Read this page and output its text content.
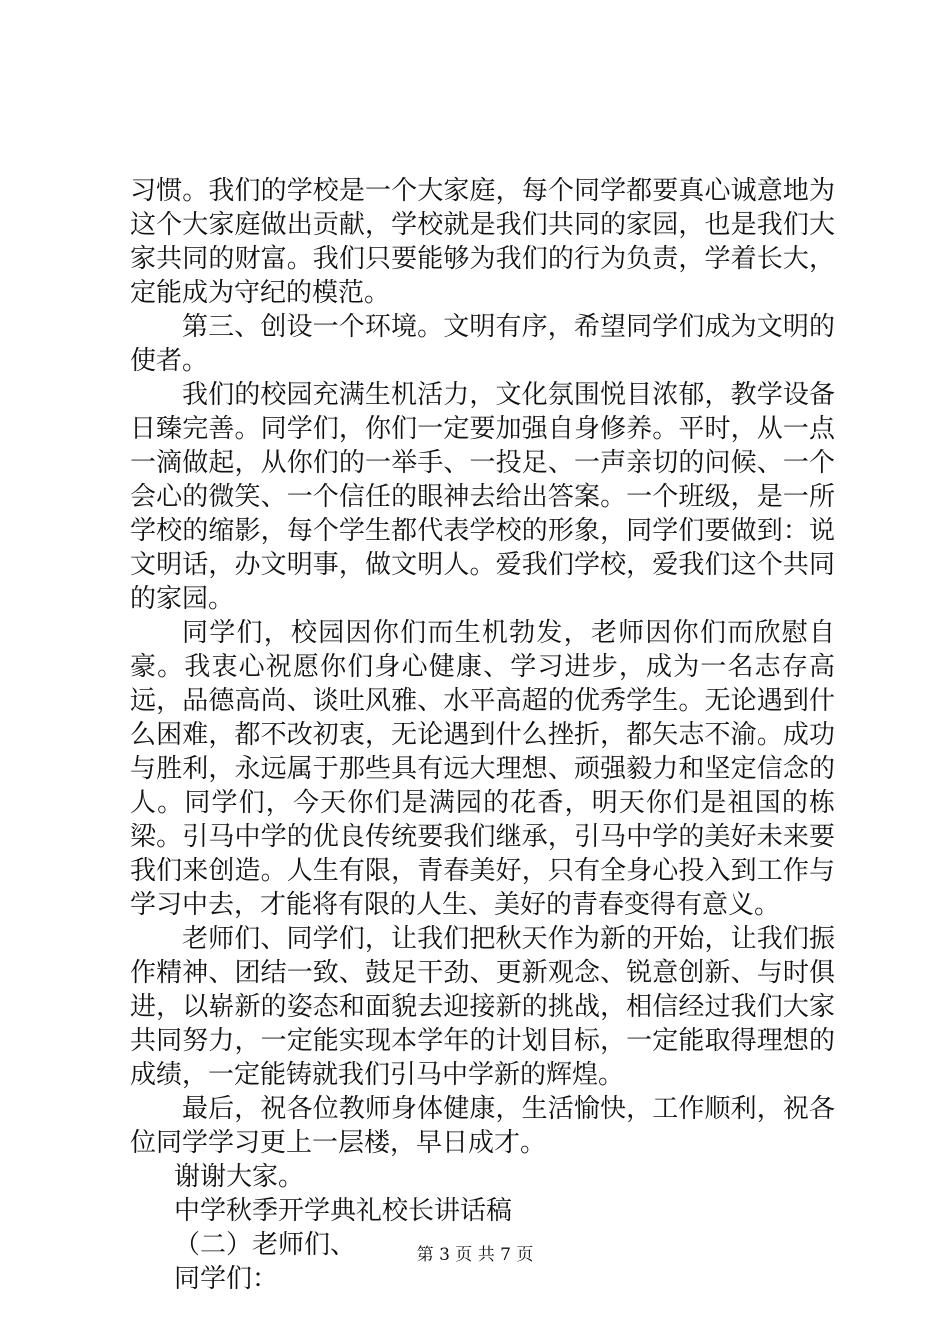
习惯。我们的学校是一个大家庭，每个同学都要真心诚意地为这个大家庭做出贡献，学校就是我们共同的家园，也是我们大家共同的财富。我们只要能够为我们的行为负责，学着长大，定能成为守纪的模范。

第三、创设一个环境。文明有序，希望同学们成为文明的使者。

我们的校园充满生机活力，文化氛围悦目浓郁，教学设备日臻完善。同学们，你们一定要加强自身修养。平时，从一点一滴做起，从你们的一举手、一投足、一声亲切的问候、一个会心的微笑、一个信任的眼神去给出答案。一个班级，是一所学校的缩影，每个学生都代表学校的形象，同学们要做到：说文明话，办文明事，做文明人。爱我们学校，爱我们这个共同的家园。

同学们，校园因你们而生机勃发，老师因你们而欣慰自豪。我衷心祝愿你们身心健康、学习进步，成为一名志存高远，品德高尚、谈吐风雅、水平高超的优秀学生。无论遇到什么困难，都不改初衷，无论遇到什么挫折，都矢志不渝。成功与胜利，永远属于那些具有远大理想、顽强毅力和坚定信念的人。同学们，今天你们是满园的花香，明天你们是祖国的栋梁。引马中学的优良传统要我们继承，引马中学的美好未来要我们来创造。人生有限，青春美好，只有全身心投入到工作与学习中去，才能将有限的人生、美好的青春变得有意义。

老师们、同学们，让我们把秋天作为新的开始，让我们振作精神、团结一致、鼓足干劲、更新观念、锐意创新、与时俱进，以崭新的姿态和面貌去迎接新的挑战，相信经过我们大家共同努力，一定能实现本学年的计划目标，一定能取得理想的成绩，一定能铸就我们引马中学新的辉煌。

最后，祝各位教师身体健康，生活愉快，工作顺利，祝各位同学学习更上一层楼，早日成才。

谢谢大家。

中学秋季开学典礼校长讲话稿

（二）老师们、

同学们：

第 3 页 共 7 页
